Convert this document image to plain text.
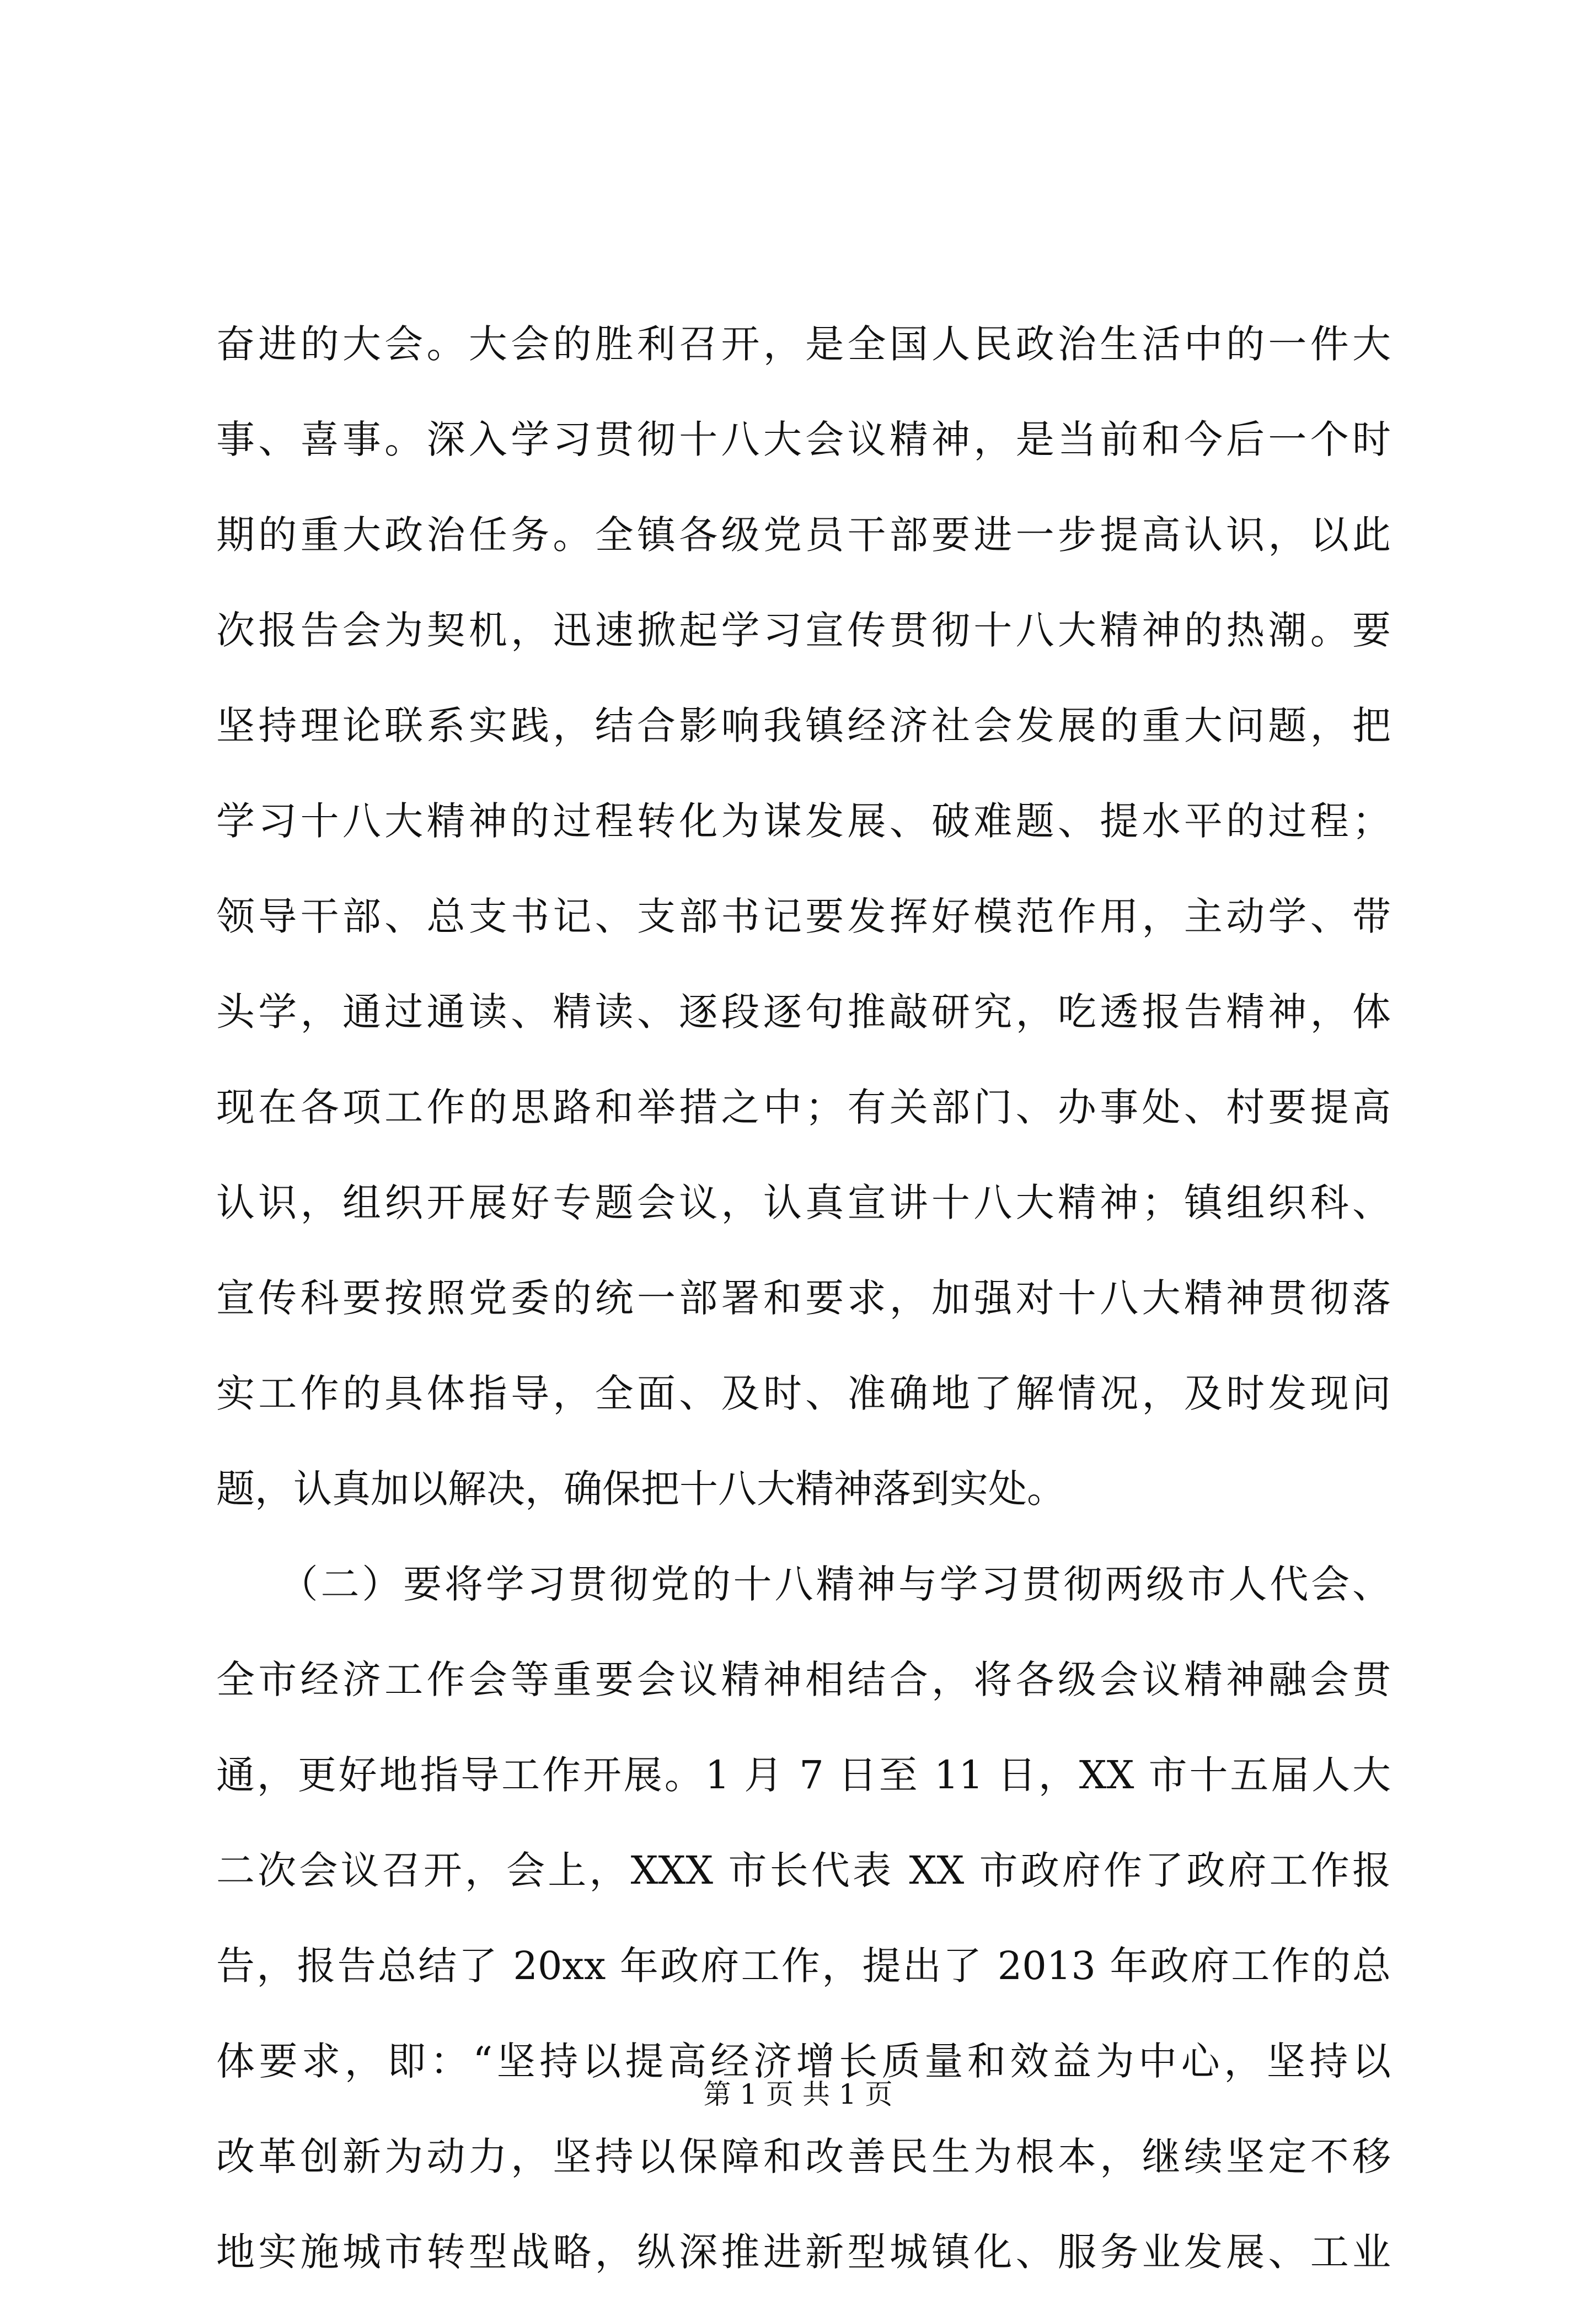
奋进的大会。大会的胜利召开，是全国人民政治生活中的一件大
事、喜事。深入学习贯彻十八大会议精神，是当前和今后一个时
期的重大政治任务。全镇各级党员干部要进一步提高认识，以此
次报告会为契机，迅速掀起学习宣传贯彻十八大精神的热潮。要
坚持理论联系实践，结合影响我镇经济社会发展的重大问题，把
学习十八大精神的过程转化为谋发展、破难题、提水平的过程；
领导干部、总支书记、支部书记要发挥好模范作用，主动学、带
头学，通过通读、精读、逐段逐句推敲研究，吃透报告精神，体
现在各项工作的思路和举措之中；有关部门、办事处、村要提高
认识，组织开展好专题会议，认真宣讲十八大精神；镇组织科、
宣传科要按照党委的统一部署和要求，加强对十八大精神贯彻落
实工作的具体指导，全面、及时、准确地了解情况，及时发现问
题，认真加以解决，确保把十八大精神落到实处。
　　（二）要将学习贯彻党的十八精神与学习贯彻两级市人代会、
全市经济工作会等重要会议精神相结合，将各级会议精神融会贯
通，更好地指导工作开展。1 月 7 日至 11 日，XX 市十五届人大
二次会议召开，会上，XXX 市长代表 XX 市政府作了政府工作报
告，报告总结了 20xx 年政府工作，提出了 2013 年政府工作的总
体要求，即：“坚持以提高经济增长质量和效益为中心，坚持以
改革创新为动力，坚持以保障和改善民生为根本，继续坚定不移
地实施城市转型战略，纵深推进新型城镇化、服务业发展、工业
第 1 页 共 1 页
